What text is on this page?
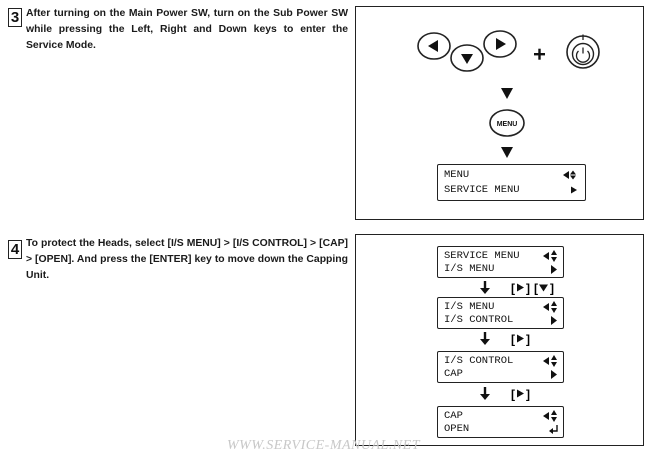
3 After turning on the Main Power SW, turn on the Sub Power SW while pressing the Left, Right and Down keys to enter the Service Mode.
MENU
MENU
SERVICE MENU
4 To protect the Heads, select [I/S MENU] > [I/S CONTROL] > [CAP] > [OPEN]. And press the [ENTER] key to move down the Capping Unit.
SERVICE MENU
I/S MENU
[ ] [ ]
I/S MENU
I/S CONTROL
[ ]
I/S CONTROL
CAP
[ ]
CAP
OPEN
WWW.SERVICE-MANUAL.NET
